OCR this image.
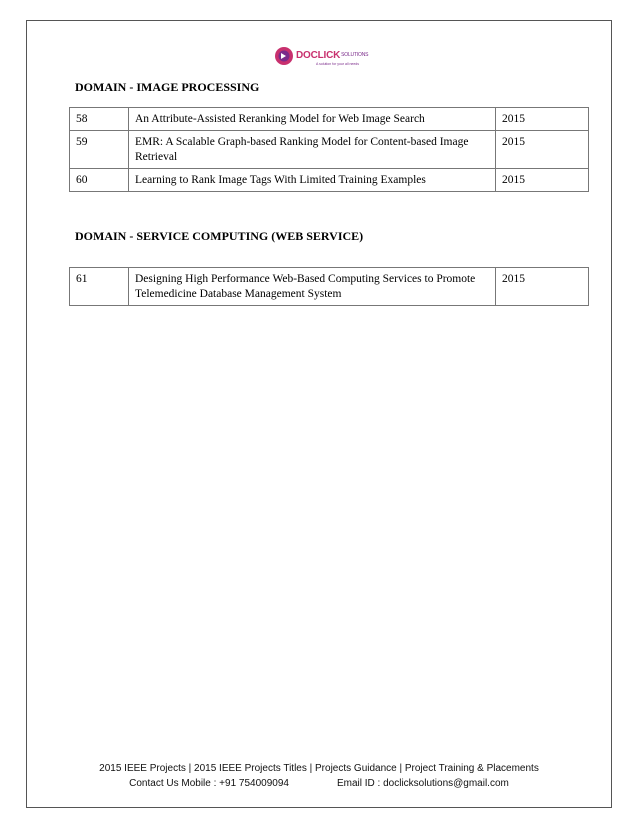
$DOCLICK^{SOLUTIONS}$
A solution for your all needs
DOMAIN - IMAGE PROCESSING
58	An Attribute-Assisted Reranking Model for Web Image Search	2015
59	EMR: A Scalable Graph-based Ranking Model for Content-based Image Retrieval	2015
60	Learning to Rank Image Tags With Limited Training Examples	2015
DOMAIN - SERVICE COMPUTING (WEB SERVICE)
61	Designing High Performance Web-Based Computing Services to Promote Telemedicine Database Management System	2015
2015 IEEE Projects | 2015 IEEE Projects Titles | Projects Guidance | Project Training & Placements
Contact Us Mobile : +91 754009094	Email ID : doclicksolutions@gmail.com
